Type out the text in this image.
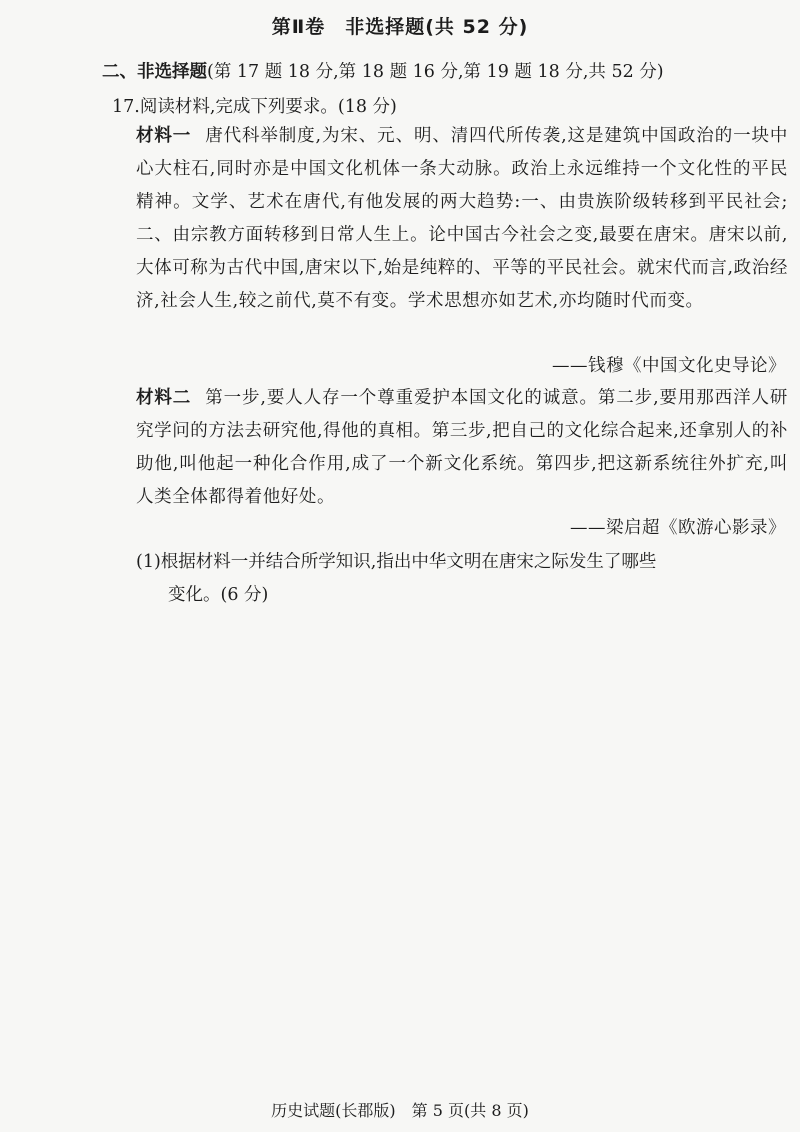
第Ⅱ卷　非选择题(共 52 分)
二、非选择题(第 17 题 18 分,第 18 题 16 分,第 19 题 18 分,共 52 分)
17.阅读材料,完成下列要求。(18 分)
材料一 唐代科举制度,为宋、元、明、清四代所传袭,这是建筑中国政治的一块中心大柱石,同时亦是中国文化机体一条大动脉。政治上永远维持一个文化性的平民精神。文学、艺术在唐代,有他发展的两大趋势:一、由贵族阶级转移到平民社会;二、由宗教方面转移到日常人生上。论中国古今社会之变,最要在唐宋。唐宋以前,大体可称为古代中国,唐宋以下,始是纯粹的、平等的平民社会。就宋代而言,政治经济,社会人生,较之前代,莫不有变。学术思想亦如艺术,亦均随时代而变。
——钱穆《中国文化史导论》
材料二 第一步,要人人存一个尊重爱护本国文化的诚意。第二步,要用那西洋人研究学问的方法去研究他,得他的真相。第三步,把自己的文化综合起来,还拿别人的补助他,叫他起一种化合作用,成了一个新文化系统。第四步,把这新系统往外扩充,叫人类全体都得着他好处。
——梁启超《欧游心影录》
(1)根据材料一并结合所学知识,指出中华文明在唐宋之际发生了哪些
变化。(6 分)
历史试题(长郡版)　第 5 页(共 8 页)
